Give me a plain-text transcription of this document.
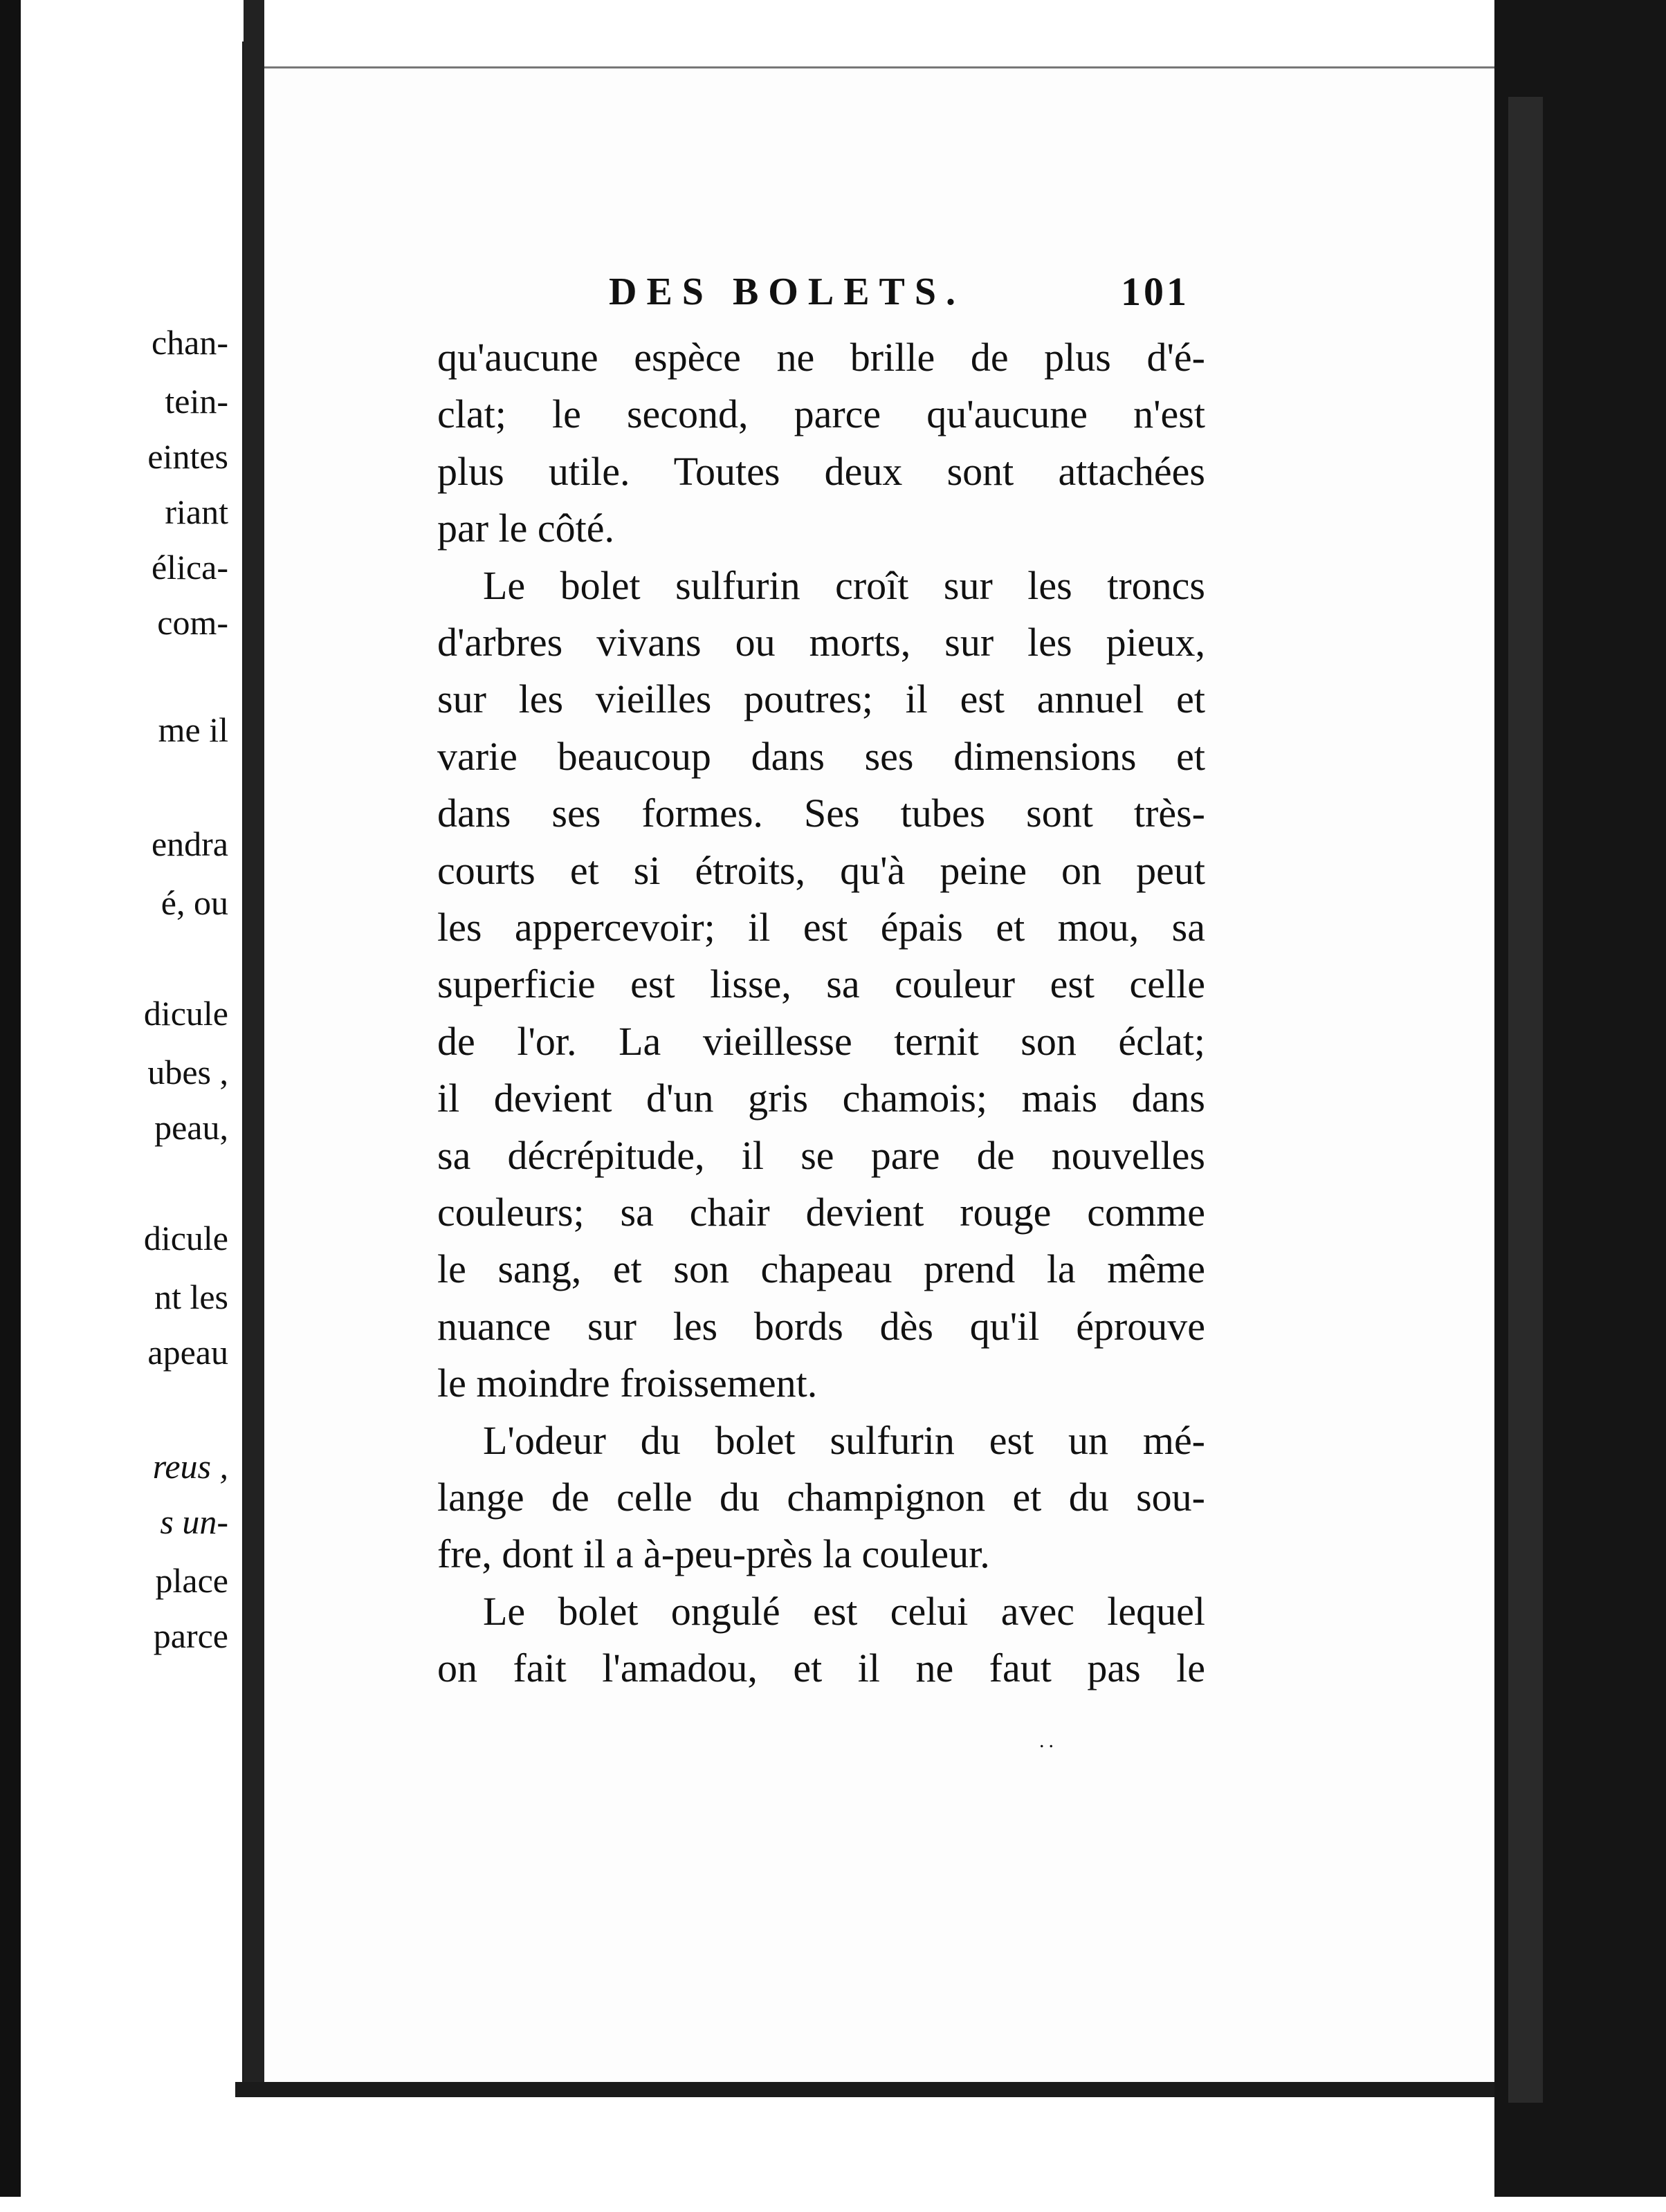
chan-
tein-
eintes
riant
élica-
com-
me il
endra
é, ou
dicule
ubes ,
peau,
dicule
nt les
apeau
reus ,
s un-
place
parce
DES BOLETS.	101
qu'aucune espèce ne brille de plus d'é-
clat; le second, parce qu'aucune n'est
plus utile. Toutes deux sont attachées
par le côté.
Le bolet sulfurin croît sur les troncs
d'arbres vivans ou morts, sur les pieux,
sur les vieilles poutres; il est annuel et
varie beaucoup dans ses dimensions et
dans ses formes. Ses tubes sont très-
courts et si étroits, qu'à peine on peut
les appercevoir; il est épais et mou, sa
superficie est lisse, sa couleur est celle
de l'or. La vieillesse ternit son éclat;
il devient d'un gris chamois; mais dans
sa décrépitude, il se pare de nouvelles
couleurs; sa chair devient rouge comme
le sang, et son chapeau prend la même
nuance sur les bords dès qu'il éprouve
le moindre froissement.
L'odeur du bolet sulfurin est un mé-
lange de celle du champignon et du sou-
fre, dont il a à-peu-près la couleur.
Le bolet ongulé est celui avec lequel
on fait l'amadou, et il ne faut pas le
..
